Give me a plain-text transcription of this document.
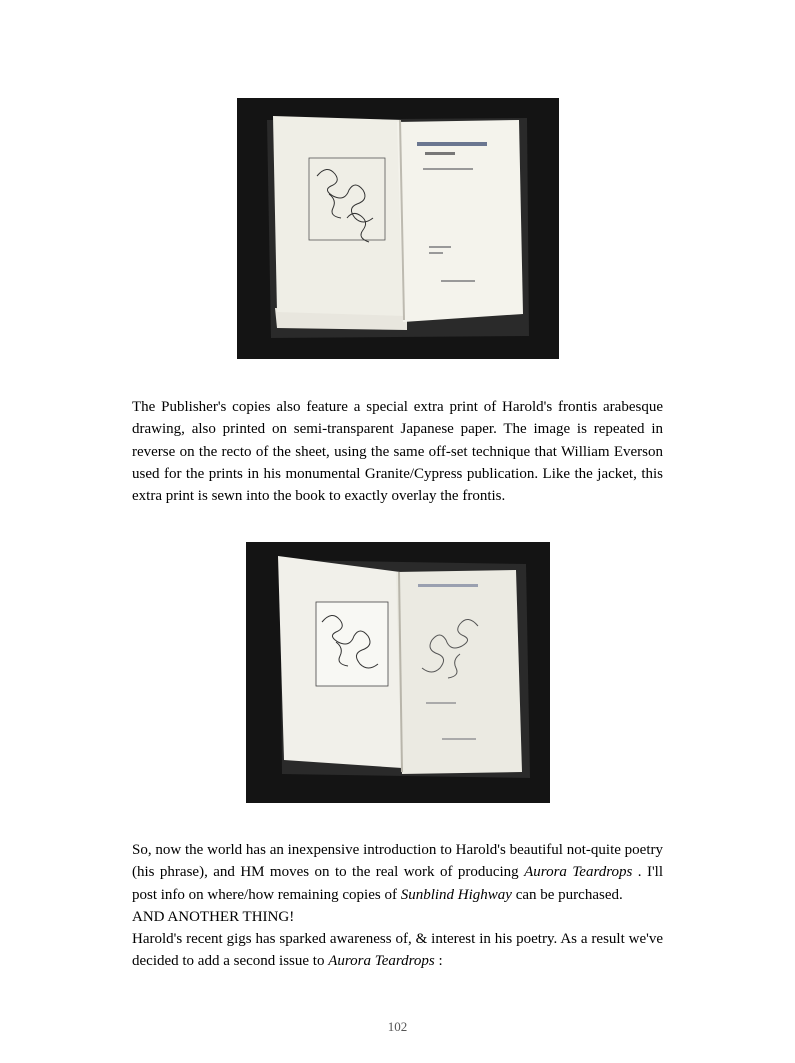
The Publisher's copies also feature a special extra print of Harold's frontis arabesque drawing, also printed on semi-transparent Japanese paper. The image is repeated in reverse on the recto of the sheet, using the same off-set technique that William Everson used for the prints in his monumental Granite/Cypress publication. Like the jacket, this extra print is sewn into the book to exactly overlay the frontis.

So, now the world has an inexpensive introduction to Harold's beautiful not-quite poetry (his phrase), and HM moves on to the real work of producing Aurora Teardrops . I'll post info on where/how remaining copies of Sunblind Highway can be purchased.
AND ANOTHER THING!
Harold's recent gigs has sparked awareness of, & interest in his poetry. As a result we've decided to add a second issue to Aurora Teardrops :
102
